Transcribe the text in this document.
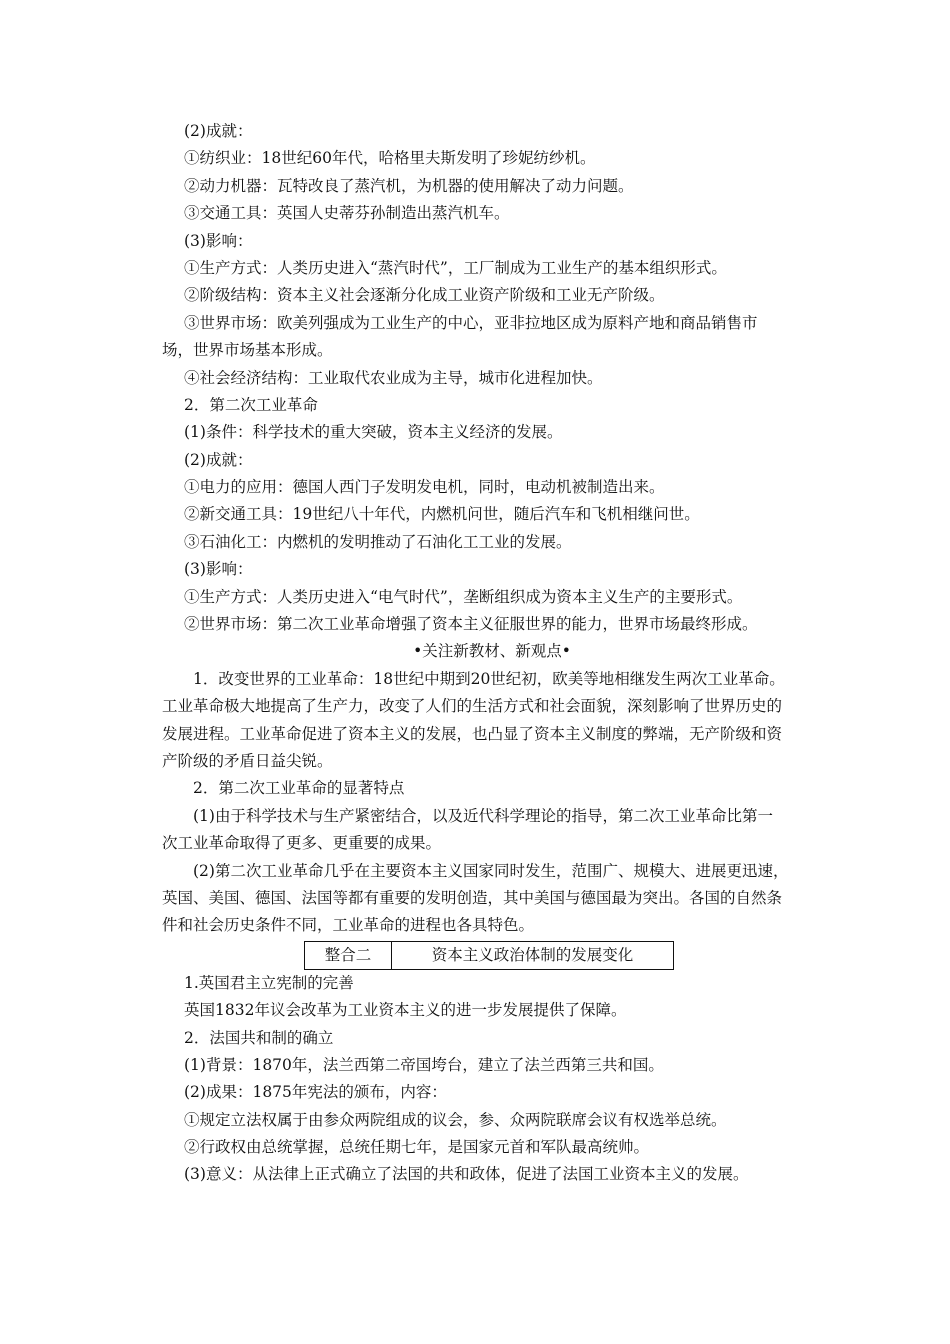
(2)成就：
①纺织业：18世纪60年代，哈格里夫斯发明了珍妮纺纱机。
②动力机器：瓦特改良了蒸汽机，为机器的使用解决了动力问题。
③交通工具：英国人史蒂芬孙制造出蒸汽机车。
(3)影响：
①生产方式：人类历史进入“蒸汽时代”，工厂制成为工业生产的基本组织形式。
②阶级结构：资本主义社会逐渐分化成工业资产阶级和工业无产阶级。
③世界市场：欧美列强成为工业生产的中心，亚非拉地区成为原料产地和商品销售市
场，世界市场基本形成。
④社会经济结构：工业取代农业成为主导，城市化进程加快。
2．第二次工业革命
(1)条件：科学技术的重大突破，资本主义经济的发展。
(2)成就：
①电力的应用：德国人西门子发明发电机，同时，电动机被制造出来。
②新交通工具：19世纪八十年代，内燃机问世，随后汽车和飞机相继问世。
③石油化工：内燃机的发明推动了石油化工工业的发展。
(3)影响：
①生产方式：人类历史进入“电气时代”，垄断组织成为资本主义生产的主要形式。
②世界市场：第二次工业革命增强了资本主义征服世界的能力，世界市场最终形成。
•关注新教材、新观点•
1．改变世界的工业革命：18世纪中期到20世纪初，欧美等地相继发生两次工业革命。
工业革命极大地提高了生产力，改变了人们的生活方式和社会面貌，深刻影响了世界历史的
发展进程。工业革命促进了资本主义的发展，也凸显了资本主义制度的弊端，无产阶级和资
产阶级的矛盾日益尖锐。
2．第二次工业革命的显著特点
(1)由于科学技术与生产紧密结合，以及近代科学理论的指导，第二次工业革命比第一
次工业革命取得了更多、更重要的成果。
(2)第二次工业革命几乎在主要资本主义国家同时发生，范围广、规模大、进展更迅速，
英国、美国、德国、法国等都有重要的发明创造，其中美国与德国最为突出。各国的自然条
件和社会历史条件不同，工业革命的进程也各具特色。
整合二	资本主义政治体制的发展变化
1.英国君主立宪制的完善
英国1832年议会改革为工业资本主义的进一步发展提供了保障。
2．法国共和制的确立
(1)背景：1870年，法兰西第二帝国垮台，建立了法兰西第三共和国。
(2)成果：1875年宪法的颁布，内容：
①规定立法权属于由参众两院组成的议会，参、众两院联席会议有权选举总统。
②行政权由总统掌握，总统任期七年，是国家元首和军队最高统帅。
(3)意义：从法律上正式确立了法国的共和政体，促进了法国工业资本主义的发展。
